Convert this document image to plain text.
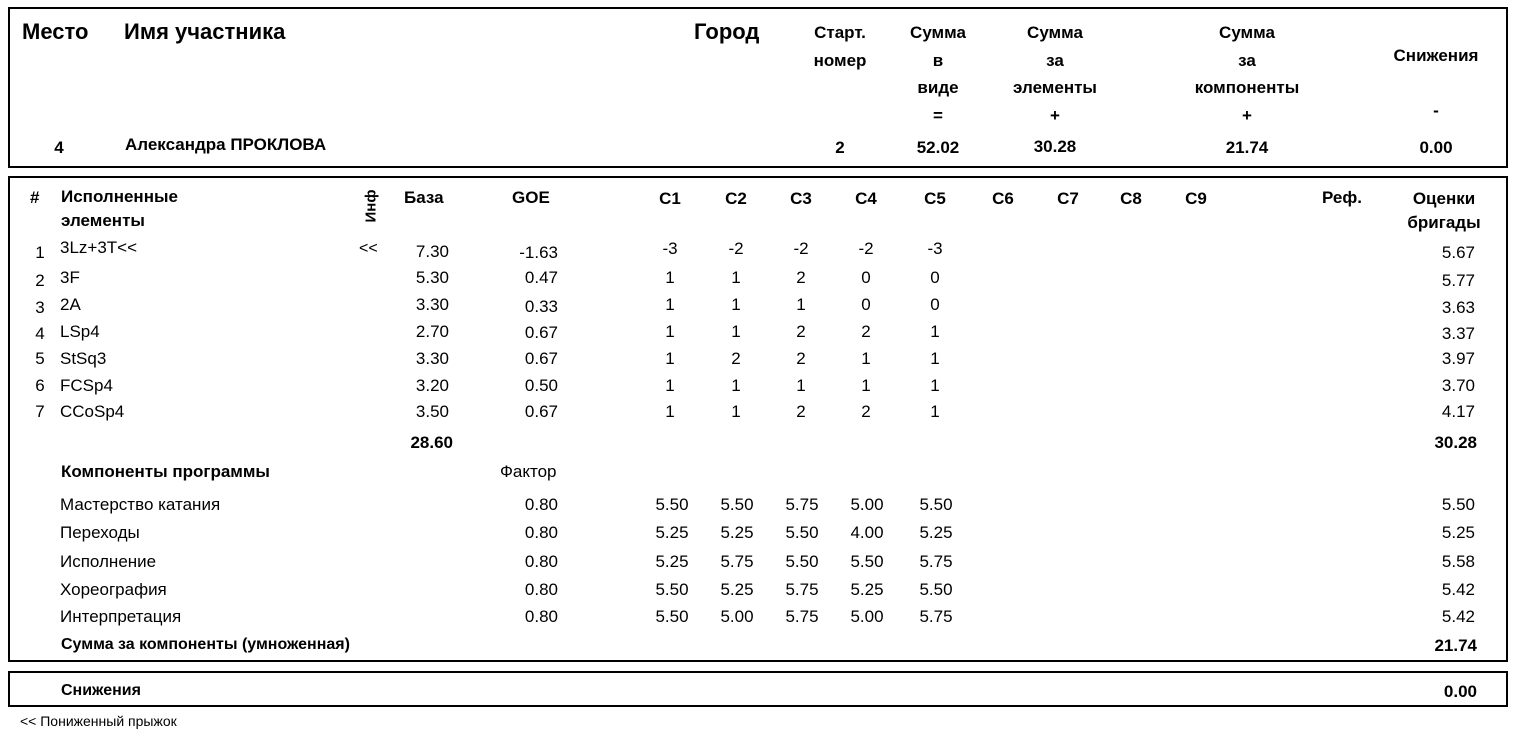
Место Имя участника	Город	Старт.
номер
Сумма
в
виде
=
Сумма
за
элементы
+
Сумма
за
компоненты
+
Снижения
-
4	Александра ПРОКЛОВА	2	52.02	30.28	21.74	0.00
# Исполненные
элементы	Инф База	GOE	С1	С2	С3	С4	С5	С6	С7	С8	С9	Реф.	Оценки
бригады
1 3Lz+3T<<	<<	7.30	-1.63	-3	-2	-2	-2	-3	5.67
2 3F	5.30	0.47	1	1	2	0	0	5.77
3 2A	3.30	0.33	1	1	1	0	0	3.63
4 LSp4	2.70	0.67	1	1	2	2	1	3.37
5 StSq3	3.30	0.67	1	2	2	1	1	3.97
6 FCSp4	3.20	0.50	1	1	1	1	1	3.70
7 CCoSp4	3.50	0.67	1	1	2	2	1	4.17
28.60	30.28
Компоненты программы	Фактор
Мастерство катания	0.80	5.50	5.50	5.75	5.00	5.50	5.50
Переходы	0.80	5.25	5.25	5.50	4.00	5.25	5.25
Исполнение	0.80	5.25	5.75	5.50	5.50	5.75	5.58
Хореография	0.80	5.50	5.25	5.75	5.25	5.50	5.42
Интерпретация	0.80	5.50	5.00	5.75	5.00	5.75	5.42
Сумма за компоненты (умноженная)	21.74
Снижения	0.00
<< Пониженный прыжок
